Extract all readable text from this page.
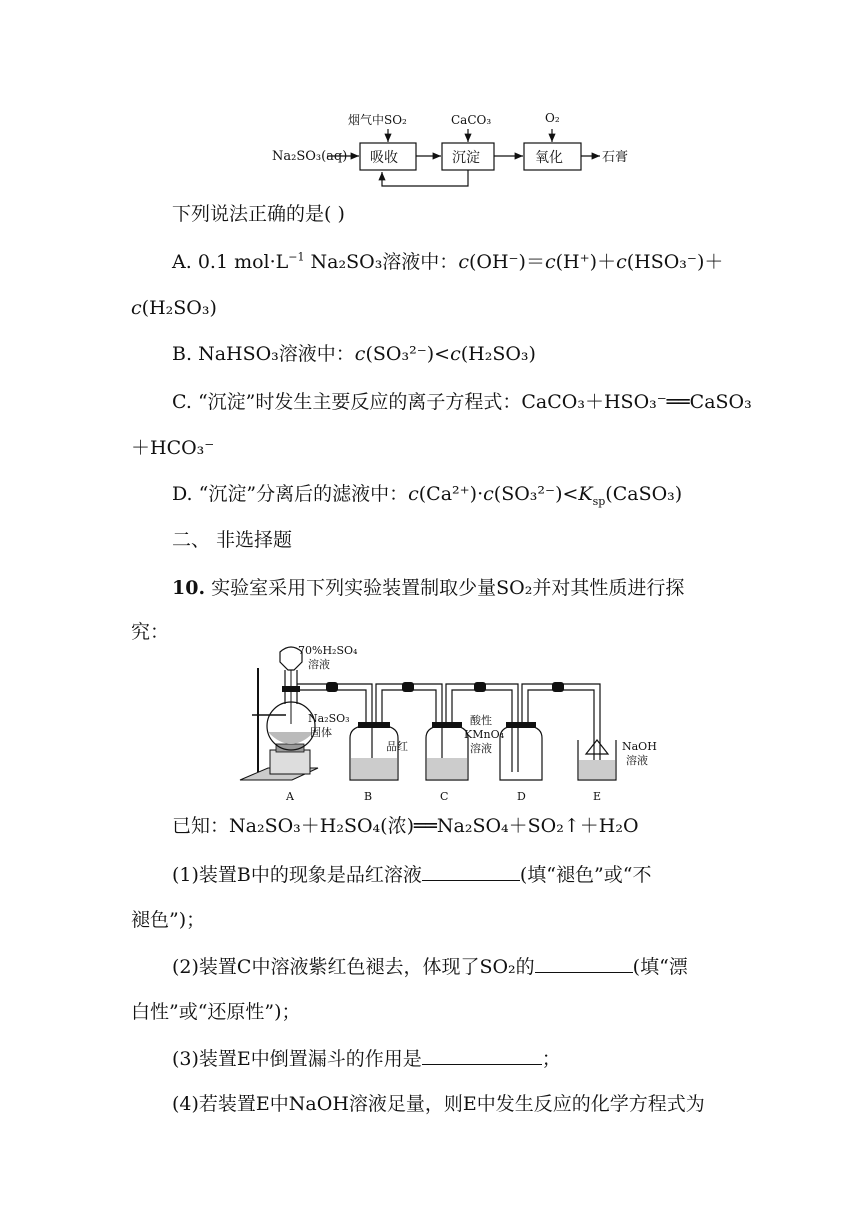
Na₂SO₃(aq) 吸收
烟气中SO₂
沉淀
CaCO₃
氧化
O₂
石膏
下列说法正确的是( )
A. 0.1 $mol\cdot L^{-1}$ Na₂SO₃溶液中：c(OH⁻)＝c(H⁺)＋c(HSO₃⁻)＋
c(H₂SO₃)
B. NaHSO₃溶液中：c(SO₃²⁻)<c(H₂SO₃)
C. “沉淀”时发生主要反应的离子方程式：CaCO₃＋HSO₃⁻══CaSO₃
＋HCO₃⁻
D. “沉淀”分离后的滤液中：$c(Ca^{2+})\cdot c(SO_3^{2-})<K_{sp}(CaSO_3)$
二、 非选择题
10. 实验室采用下列实验装置制取少量SO₂并对其性质进行探
究：
70%H₂SO₄
溶液
Na₂SO₃
固体
品红
酸性
KMnO₄
溶液	NaOH
溶液
A	B	C	D	E
已知：Na₂SO₃＋H₂SO₄(浓)══Na₂SO₄＋SO₂↑＋H₂O
(1)装置B中的现象是品红溶液	(填“褪色”或“不
褪色”)；
(2)装置C中溶液紫红色褪去，体现了SO₂的	(填“漂
白性”或“还原性”)；
(3)装置E中倒置漏斗的作用是	；
(4)若装置E中NaOH溶液足量，则E中发生反应的化学方程式为
